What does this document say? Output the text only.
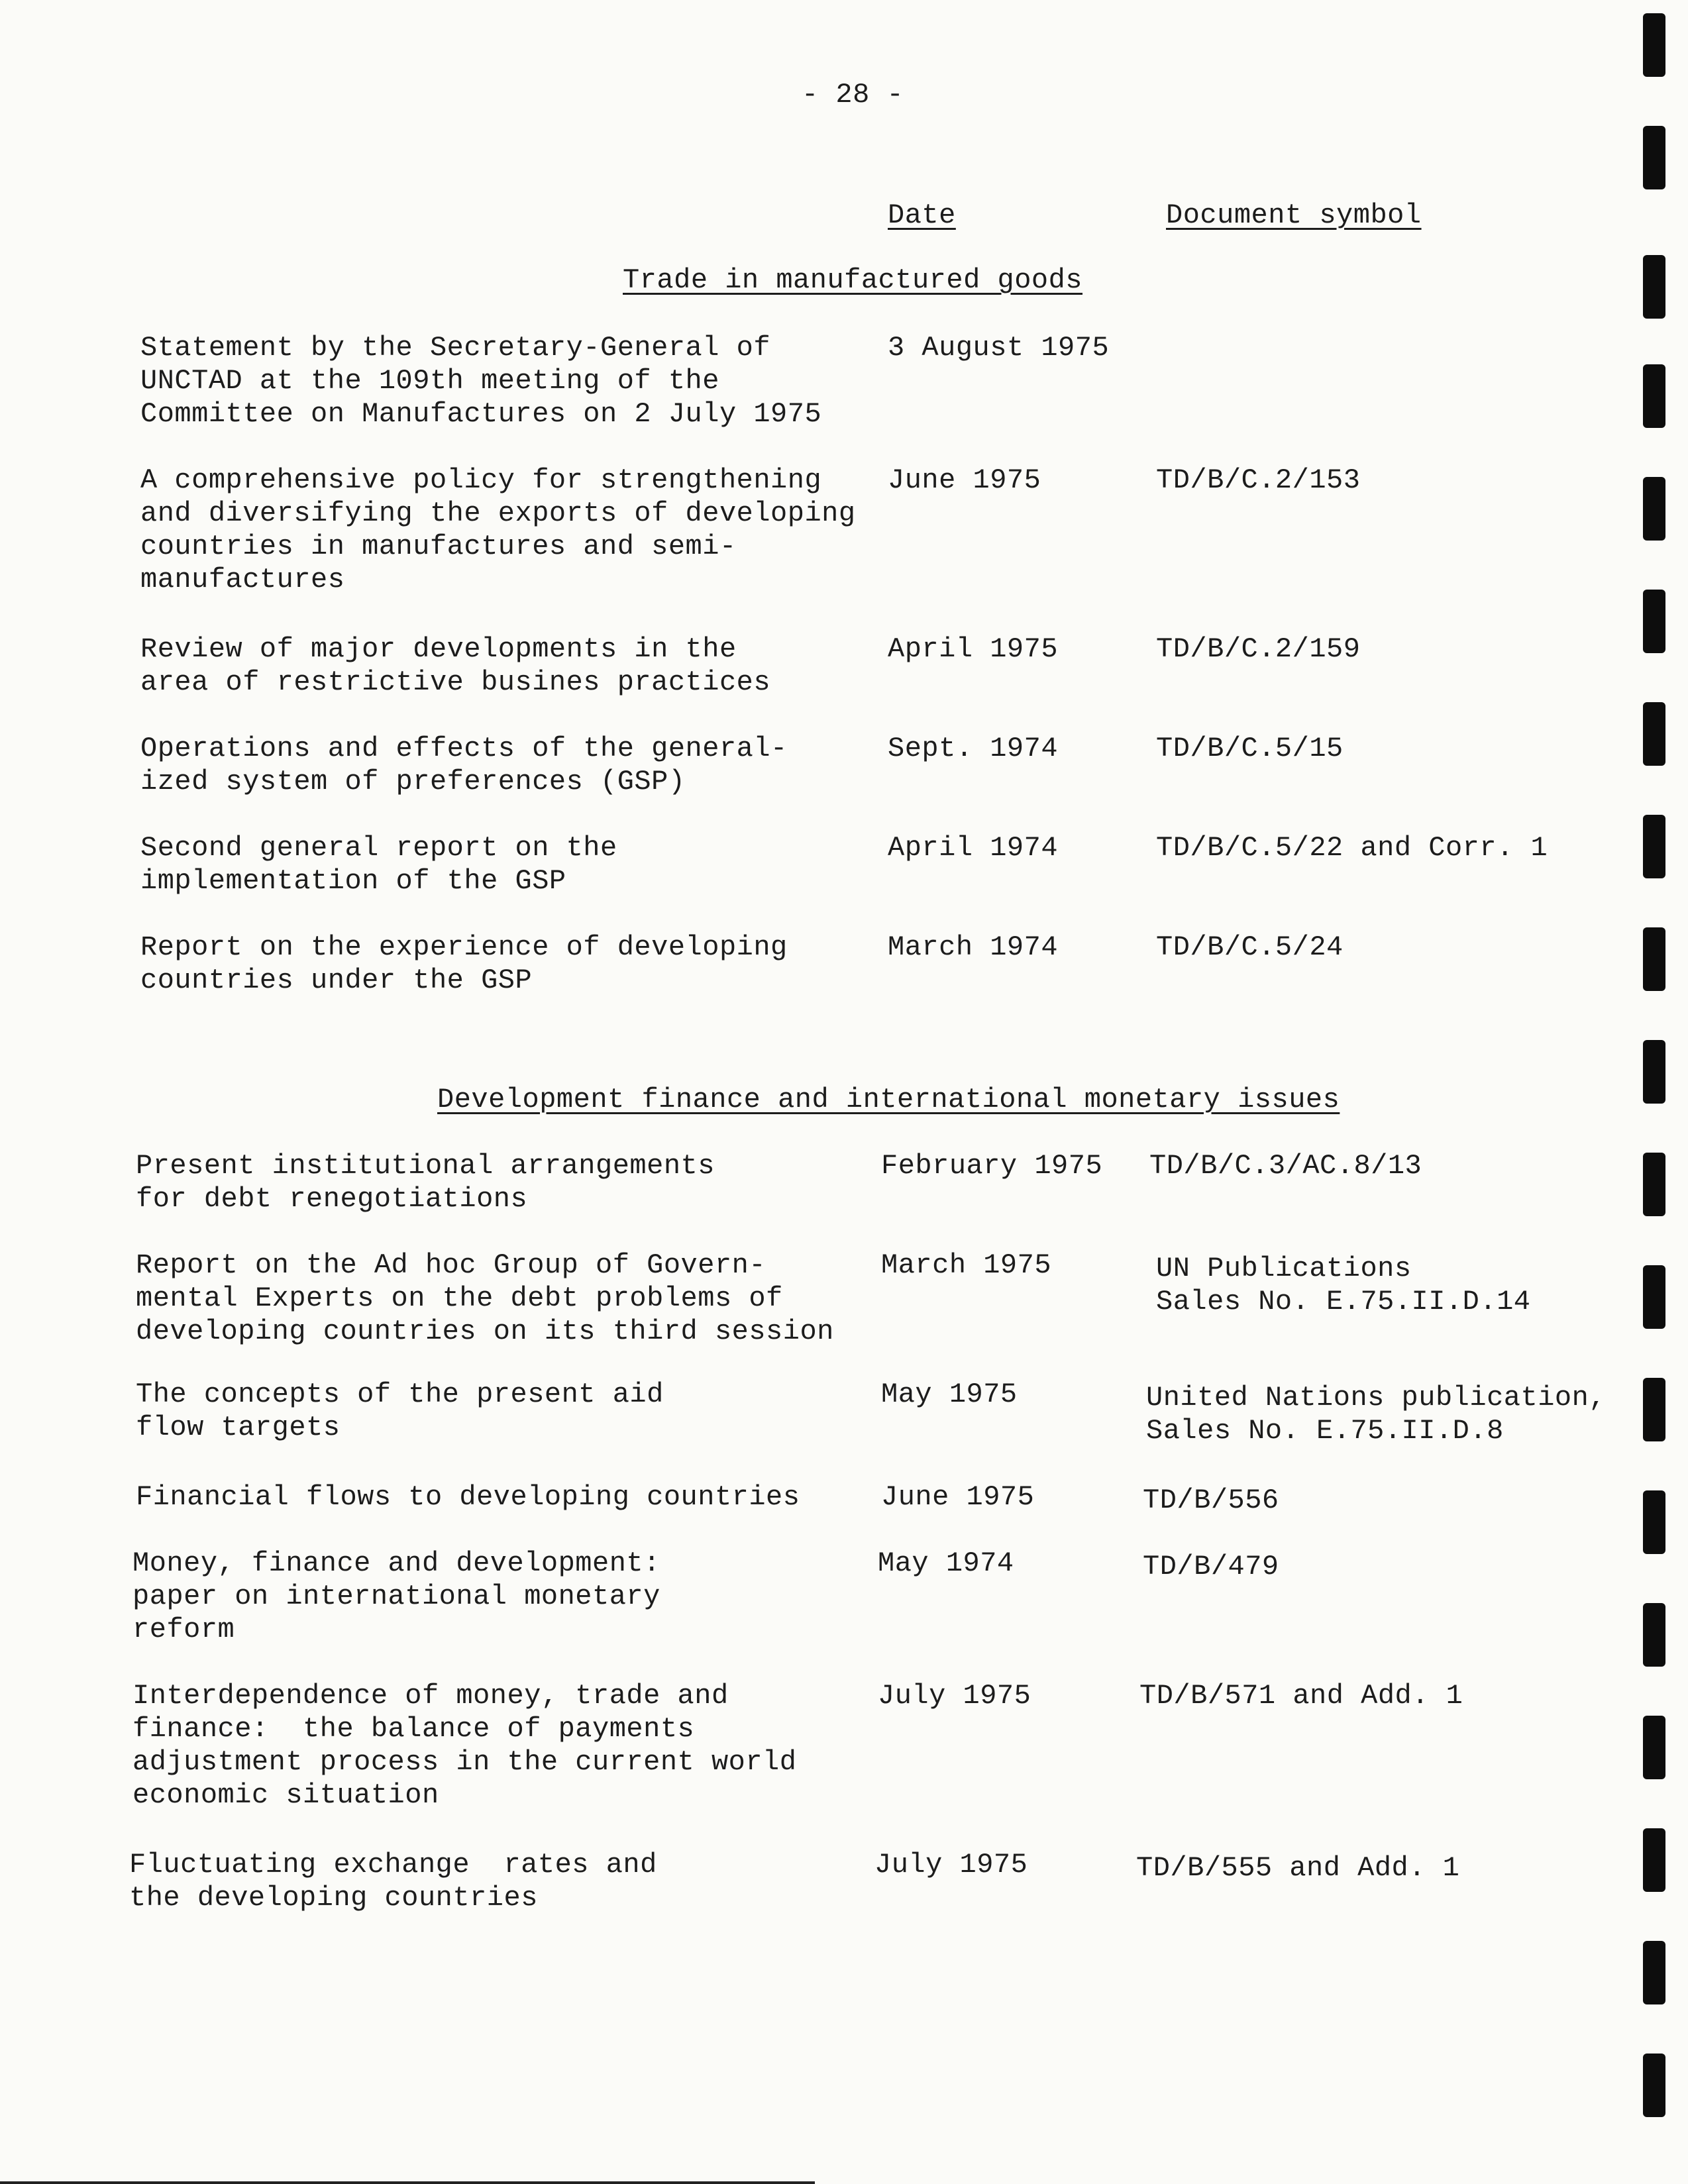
- 28 -
Date	Document symbol
Trade in manufactured goods
Statement by the Secretary-General of
UNCTAD at the 109th meeting of the
Committee on Manufactures on 2 July 1975
3 August 1975
A comprehensive policy for strengthening
and diversifying the exports of developing
countries in manufactures and semi-
manufactures
June 1975	TD/B/C.2/153
Review of major developments in the
area of restrictive busines practices
April 1975	TD/B/C.2/159
Operations and effects of the general-
ized system of preferences (GSP)
Sept. 1974	TD/B/C.5/15
Second general report on the
implementation of the GSP
April 1974	TD/B/C.5/22 and Corr. 1
Report on the experience of developing
countries under the GSP
March 1974	TD/B/C.5/24
Development finance and international monetary issues
Present institutional arrangements
for debt renegotiations
February 1975 TD/B/C.3/AC.8/13
Report on the Ad hoc Group of Govern-
mental Experts on the debt problems of
developing countries on its third session
March 1975	UN Publications
Sales No. E.75.II.D.14
The concepts of the present aid
flow targets
May 1975	United Nations publication,
Sales No. E.75.II.D.8
Financial flows to developing countries	June 1975	TD/B/556
Money, finance and development:
paper on international monetary
reform
May 1974	TD/B/479
Interdependence of money, trade and
finance:  the balance of payments
adjustment process in the current world
economic situation
July 1975	TD/B/571 and Add. 1
Fluctuating exchange  rates and
the developing countries
July 1975	TD/B/555 and Add. 1
